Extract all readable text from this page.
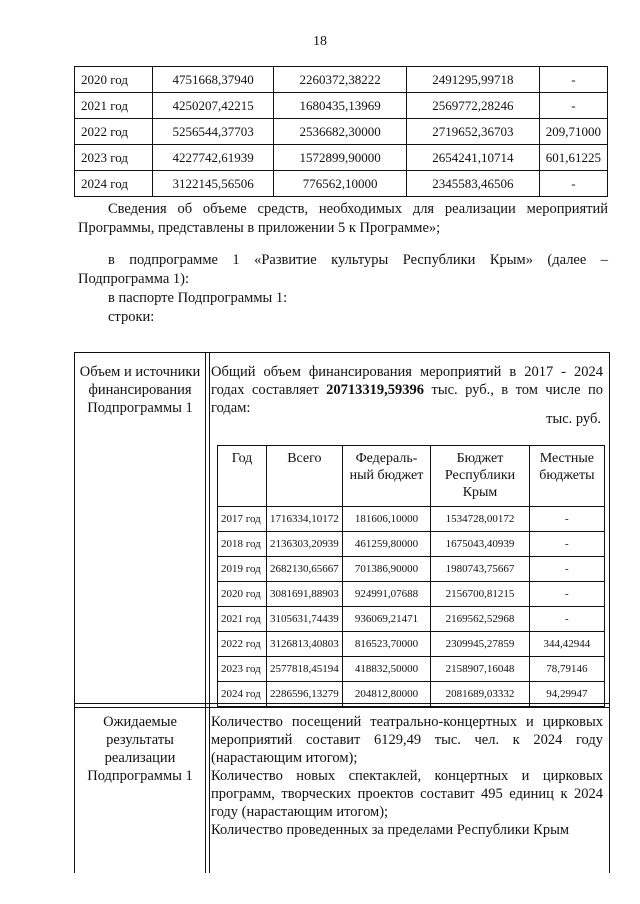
18
2020 год	4751668,37940	2260372,38222	2491295,99718	-
2021 год	4250207,42215	1680435,13969	2569772,28246	-
2022 год	5256544,37703	2536682,30000	2719652,36703	209,71000
2023 год	4227742,61939	1572899,90000	2654241,10714	601,61225
2024 год	3122145,56506	776562,10000	2345583,46506	-
Сведения об объеме средств, необходимых для реализации мероприятий
Программы, представлены в приложении 5 к Программе»;
в подпрограмме 1 «Развитие культуры Республики Крым» (далее –
Подпрограмма 1):
в паспорте Подпрограммы 1:
строки:
Объем и источники финансирования Подпрограммы 1
Общий объем финансирования мероприятий в 2017 - 2024 годах составляет 20713319,59396 тыс. руб., в том числе по годам:
тыс. руб.
Год	Всего	Федераль-ный бюджет	Бюджет Республики Крым	Местные бюджеты
2017 год	1716334,10172	181606,10000	1534728,00172	-
2018 год	2136303,20939	461259,80000	1675043,40939	-
2019 год	2682130,65667	701386,90000	1980743,75667	-
2020 год	3081691,88903	924991,07688	2156700,81215	-
2021 год	3105631,74439	936069,21471	2169562,52968	-
2022 год	3126813,40803	816523,70000	2309945,27859	344,42944
2023 год	2577818,45194	418832,50000	2158907,16048	78,79146
2024 год	2286596,13279	204812,80000	2081689,03332	94,29947
Ожидаемые результаты реализации Подпрограммы 1

Количество посещений театрально-концертных и цирковых мероприятий составит 6129,49 тыс. чел. к 2024 году (нарастающим итогом);

Количество новых спектаклей, концертных и цирковых программ, творческих проектов составит 495 единиц к 2024 году (нарастающим итогом);

Количество проведенных за пределами Республики Крым
